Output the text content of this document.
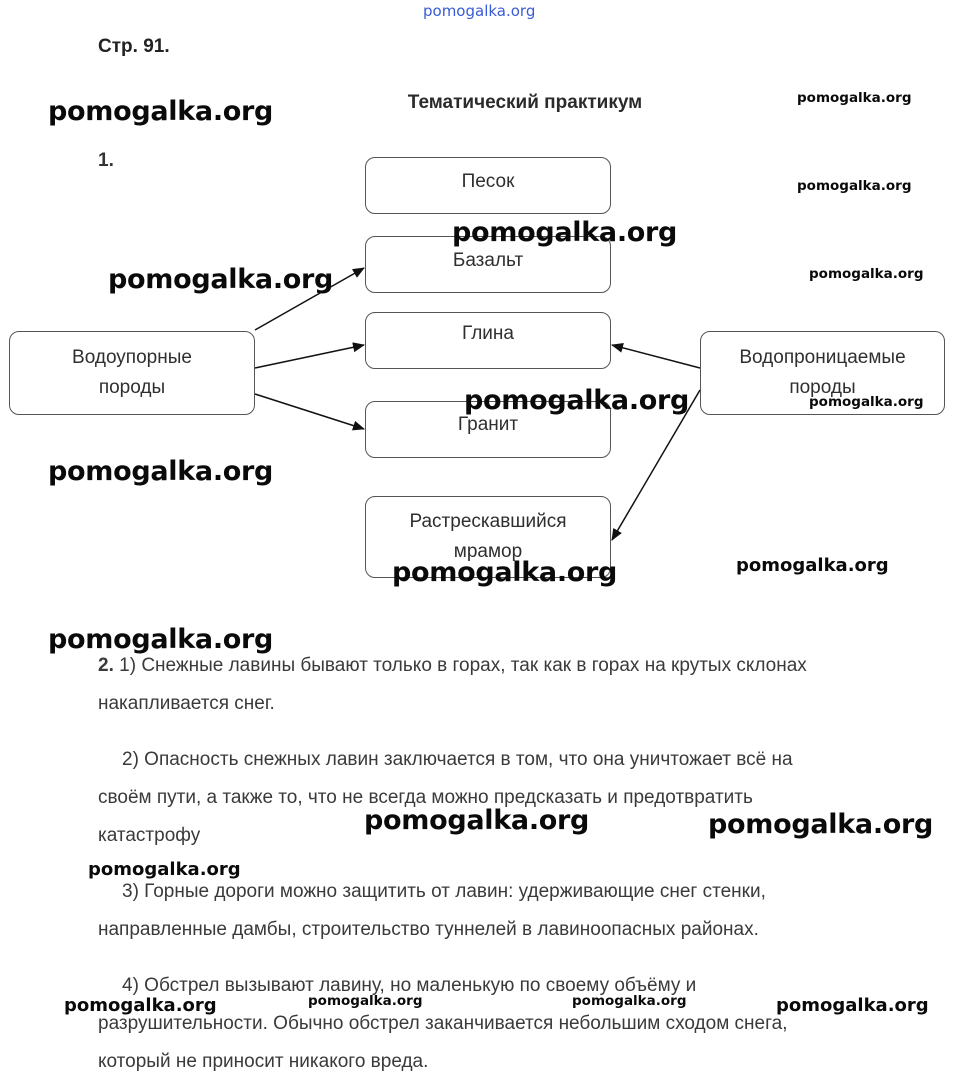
pomogalka.org
Стр. 91.
Тематический практикум
1.
Водоупорные
породы
Водопроницаемые
породы
Песок
Базальт
Глина
Гранит
Растрескавшийся
мрамор
2. 1) Снежные лавины бывают только в горах, так как в горах на крутых склонах
накапливается снег.
2) Опасность снежных лавин заключается в том, что она уничтожает всё на
своём пути, а также то, что не всегда можно предсказать и предотвратить
катастрофу
3) Горные дороги можно защитить от лавин: удерживающие снег стенки,
направленные дамбы, строительство туннелей в лавиноопасных районах.
4) Обстрел вызывают лавину, но маленькую по своему объёму и
разрушительности. Обычно обстрел заканчивается небольшим сходом снега,
который не приносит никакого вреда.
pomogalka.org	pomogalka.org
pomogalka.org
pomogalka.org
pomogalka.org	pomogalka.org
pomogalka.org	pomogalka.org
pomogalka.org
pomogalka.org
pomogalka.org
pomogalka.org
pomogalka.org	pomogalka.org
pomogalka.org
pomogalka.org	pomogalka.org	pomogalka.org	pomogalka.org
